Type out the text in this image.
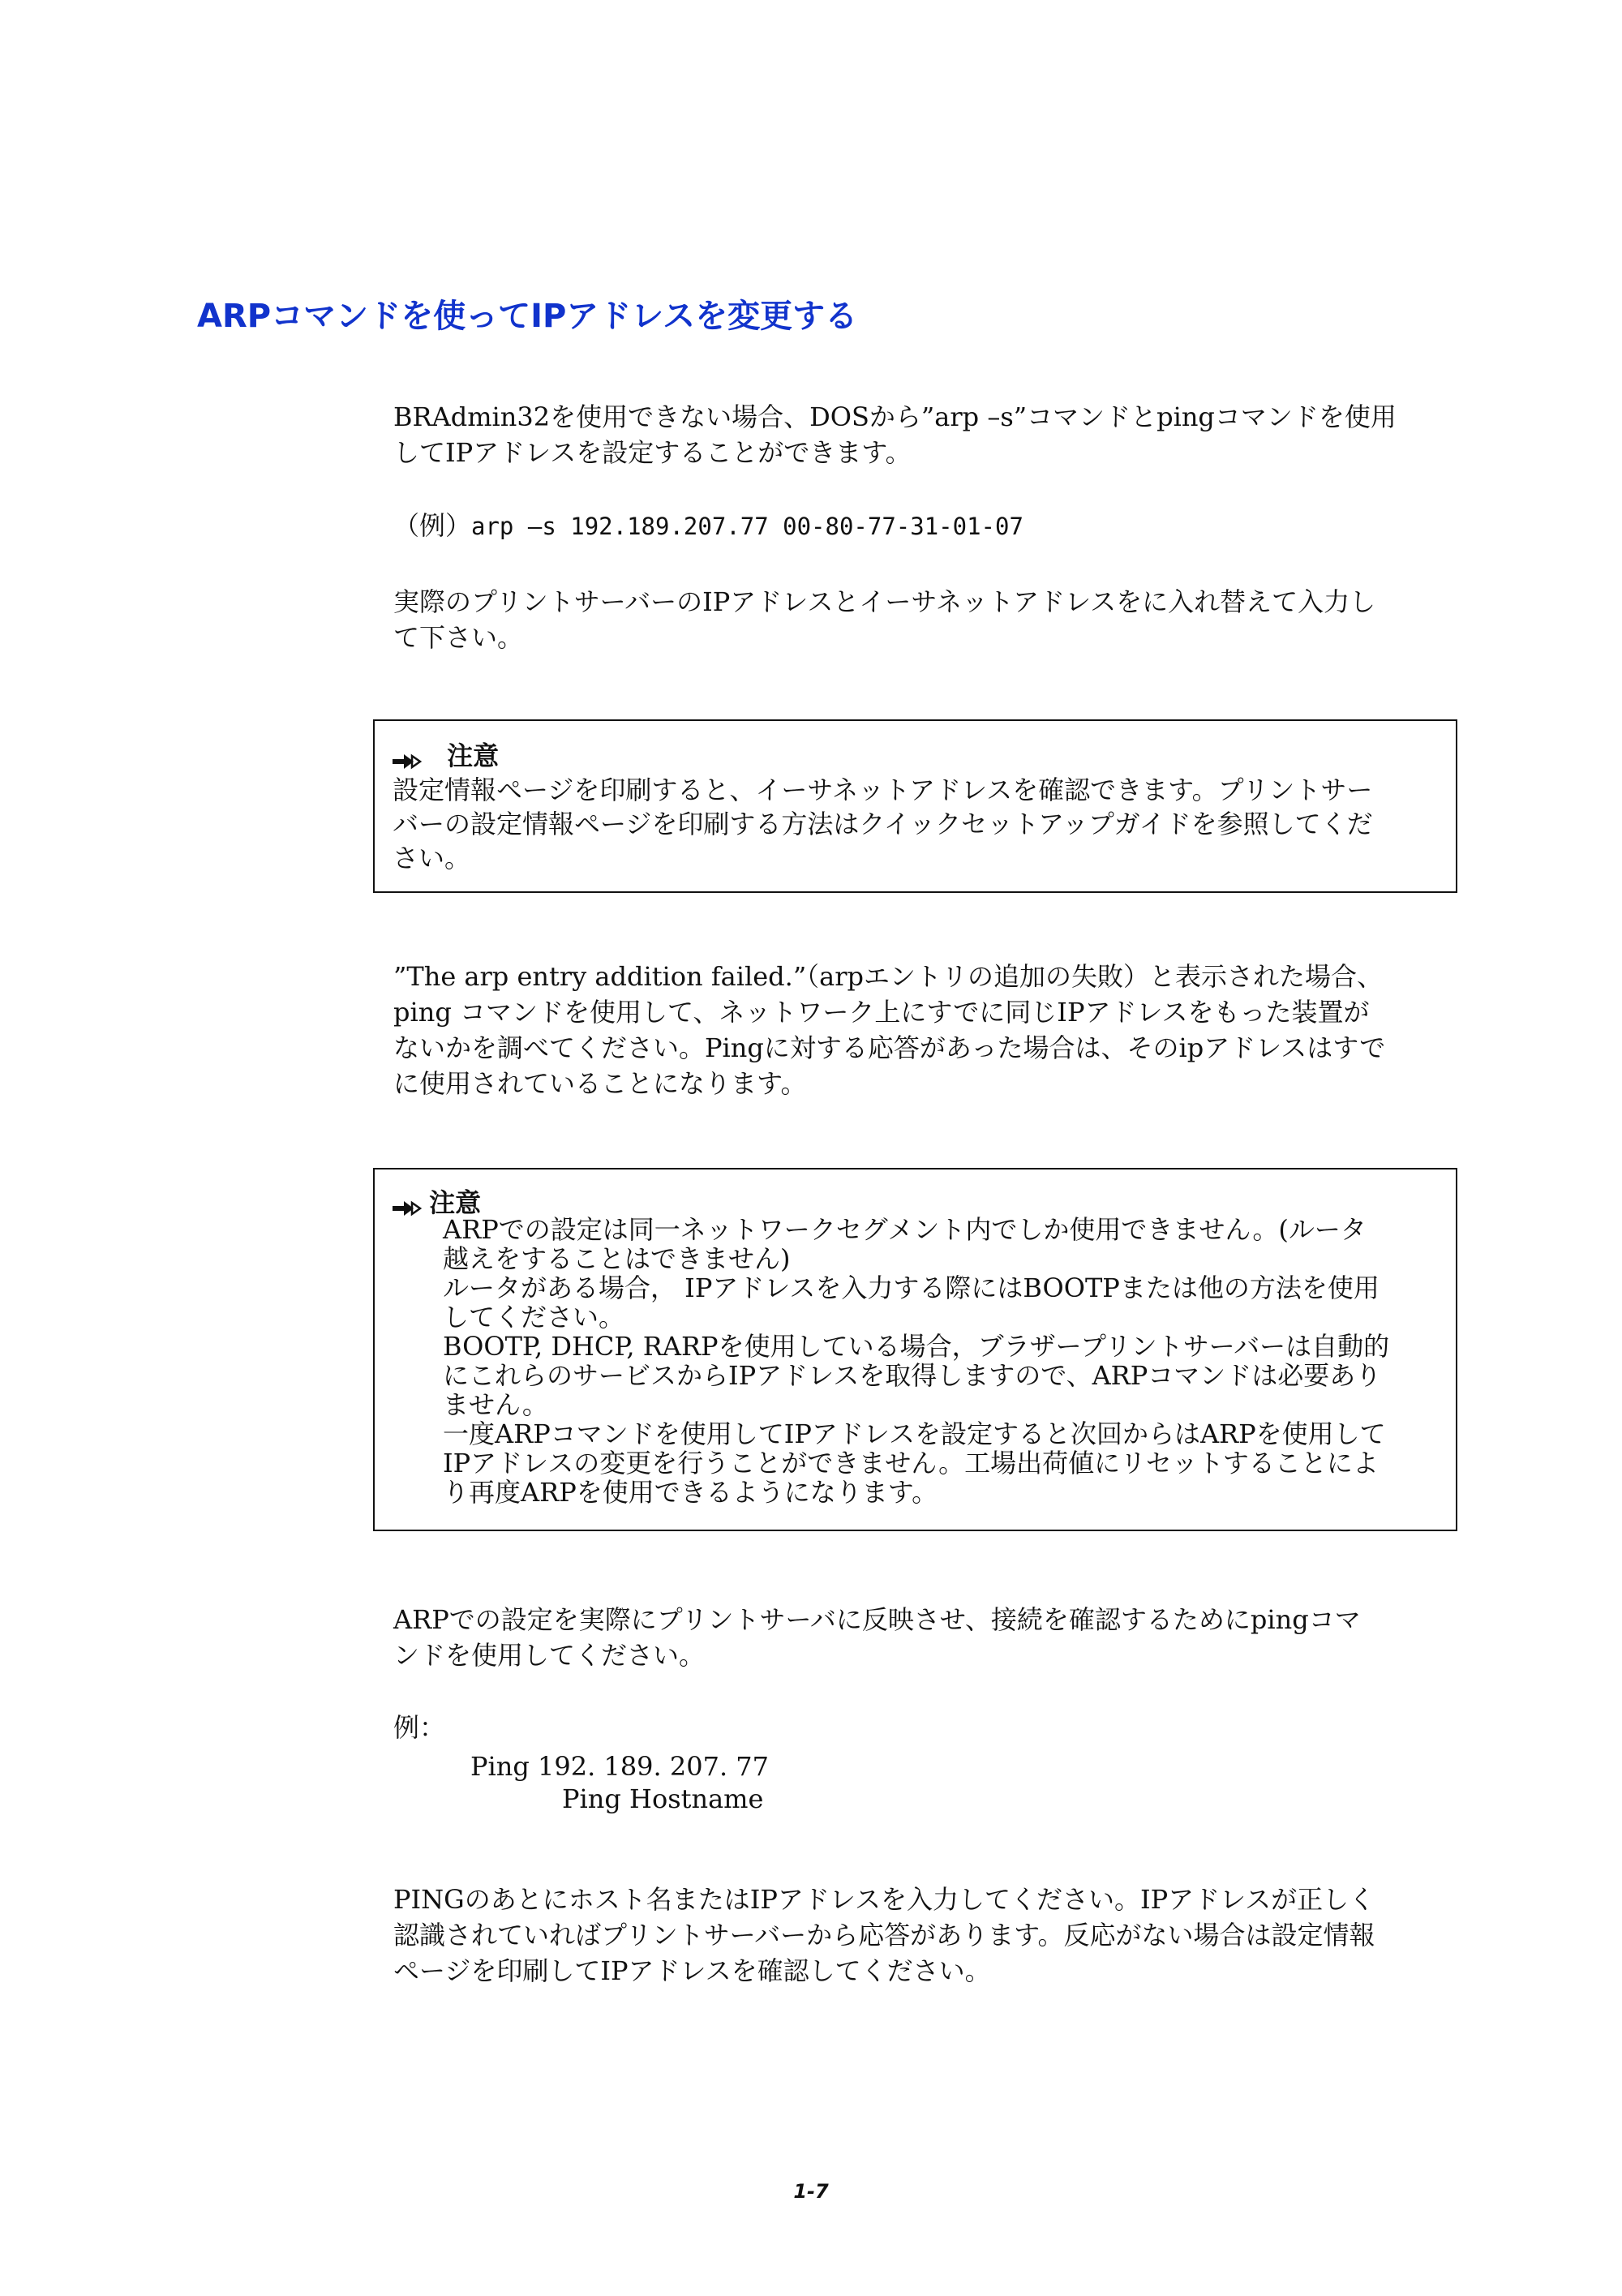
ARPコマンドを使ってIPアドレスを変更する
BRAdmin32を使用できない場合、DOSから”arp –s”コマンドとpingコマンドを使用
してIPアドレスを設定することができます。
（例）arp –s 192.189.207.77 00-80-77-31-01-07
実際のプリントサーバーのIPアドレスとイーサネットアドレスをに入れ替えて入力し
て下さい。
注意

設定情報ページを印刷すると、イーサネットアドレスを確認できます。プリントサー

バーの設定情報ページを印刷する方法はクイックセットアップガイドを参照してくだ

さい。

”The arp entry addition failed.”（arpエントリの追加の失敗）と表示された場合、
ping コマンドを使用して、ネットワーク上にすでに同じIPアドレスをもった装置が
ないかを調べてください。Pingに対する応答があった場合は、そのipアドレスはすで
に使用されていることになります。
注意

ARPでの設定は同一ネットワークセグメント内でしか使用できません。(ルータ

越えをすることはできません)

ルータがある場合， IPアドレスを入力する際にはBOOTPまたは他の方法を使用

してください。

BOOTP, DHCP, RARPを使用している場合，ブラザープリントサーバーは自動的

にこれらのサービスからIPアドレスを取得しますので、ARPコマンドは必要あり

ません。

一度ARPコマンドを使用してIPアドレスを設定すると次回からはARPを使用して

IPアドレスの変更を行うことができません。工場出荷値にリセットすることによ

り再度ARPを使用できるようになります。

ARPでの設定を実際にプリントサーバに反映させ、接続を確認するためにpingコマ
ンドを使用してください。
例：
Ping 192. 189. 207. 77
Ping Hostname
PINGのあとにホスト名またはIPアドレスを入力してください。IPアドレスが正しく
認識されていればプリントサーバーから応答があります。反応がない場合は設定情報
ページを印刷してIPアドレスを確認してください。
1-7
